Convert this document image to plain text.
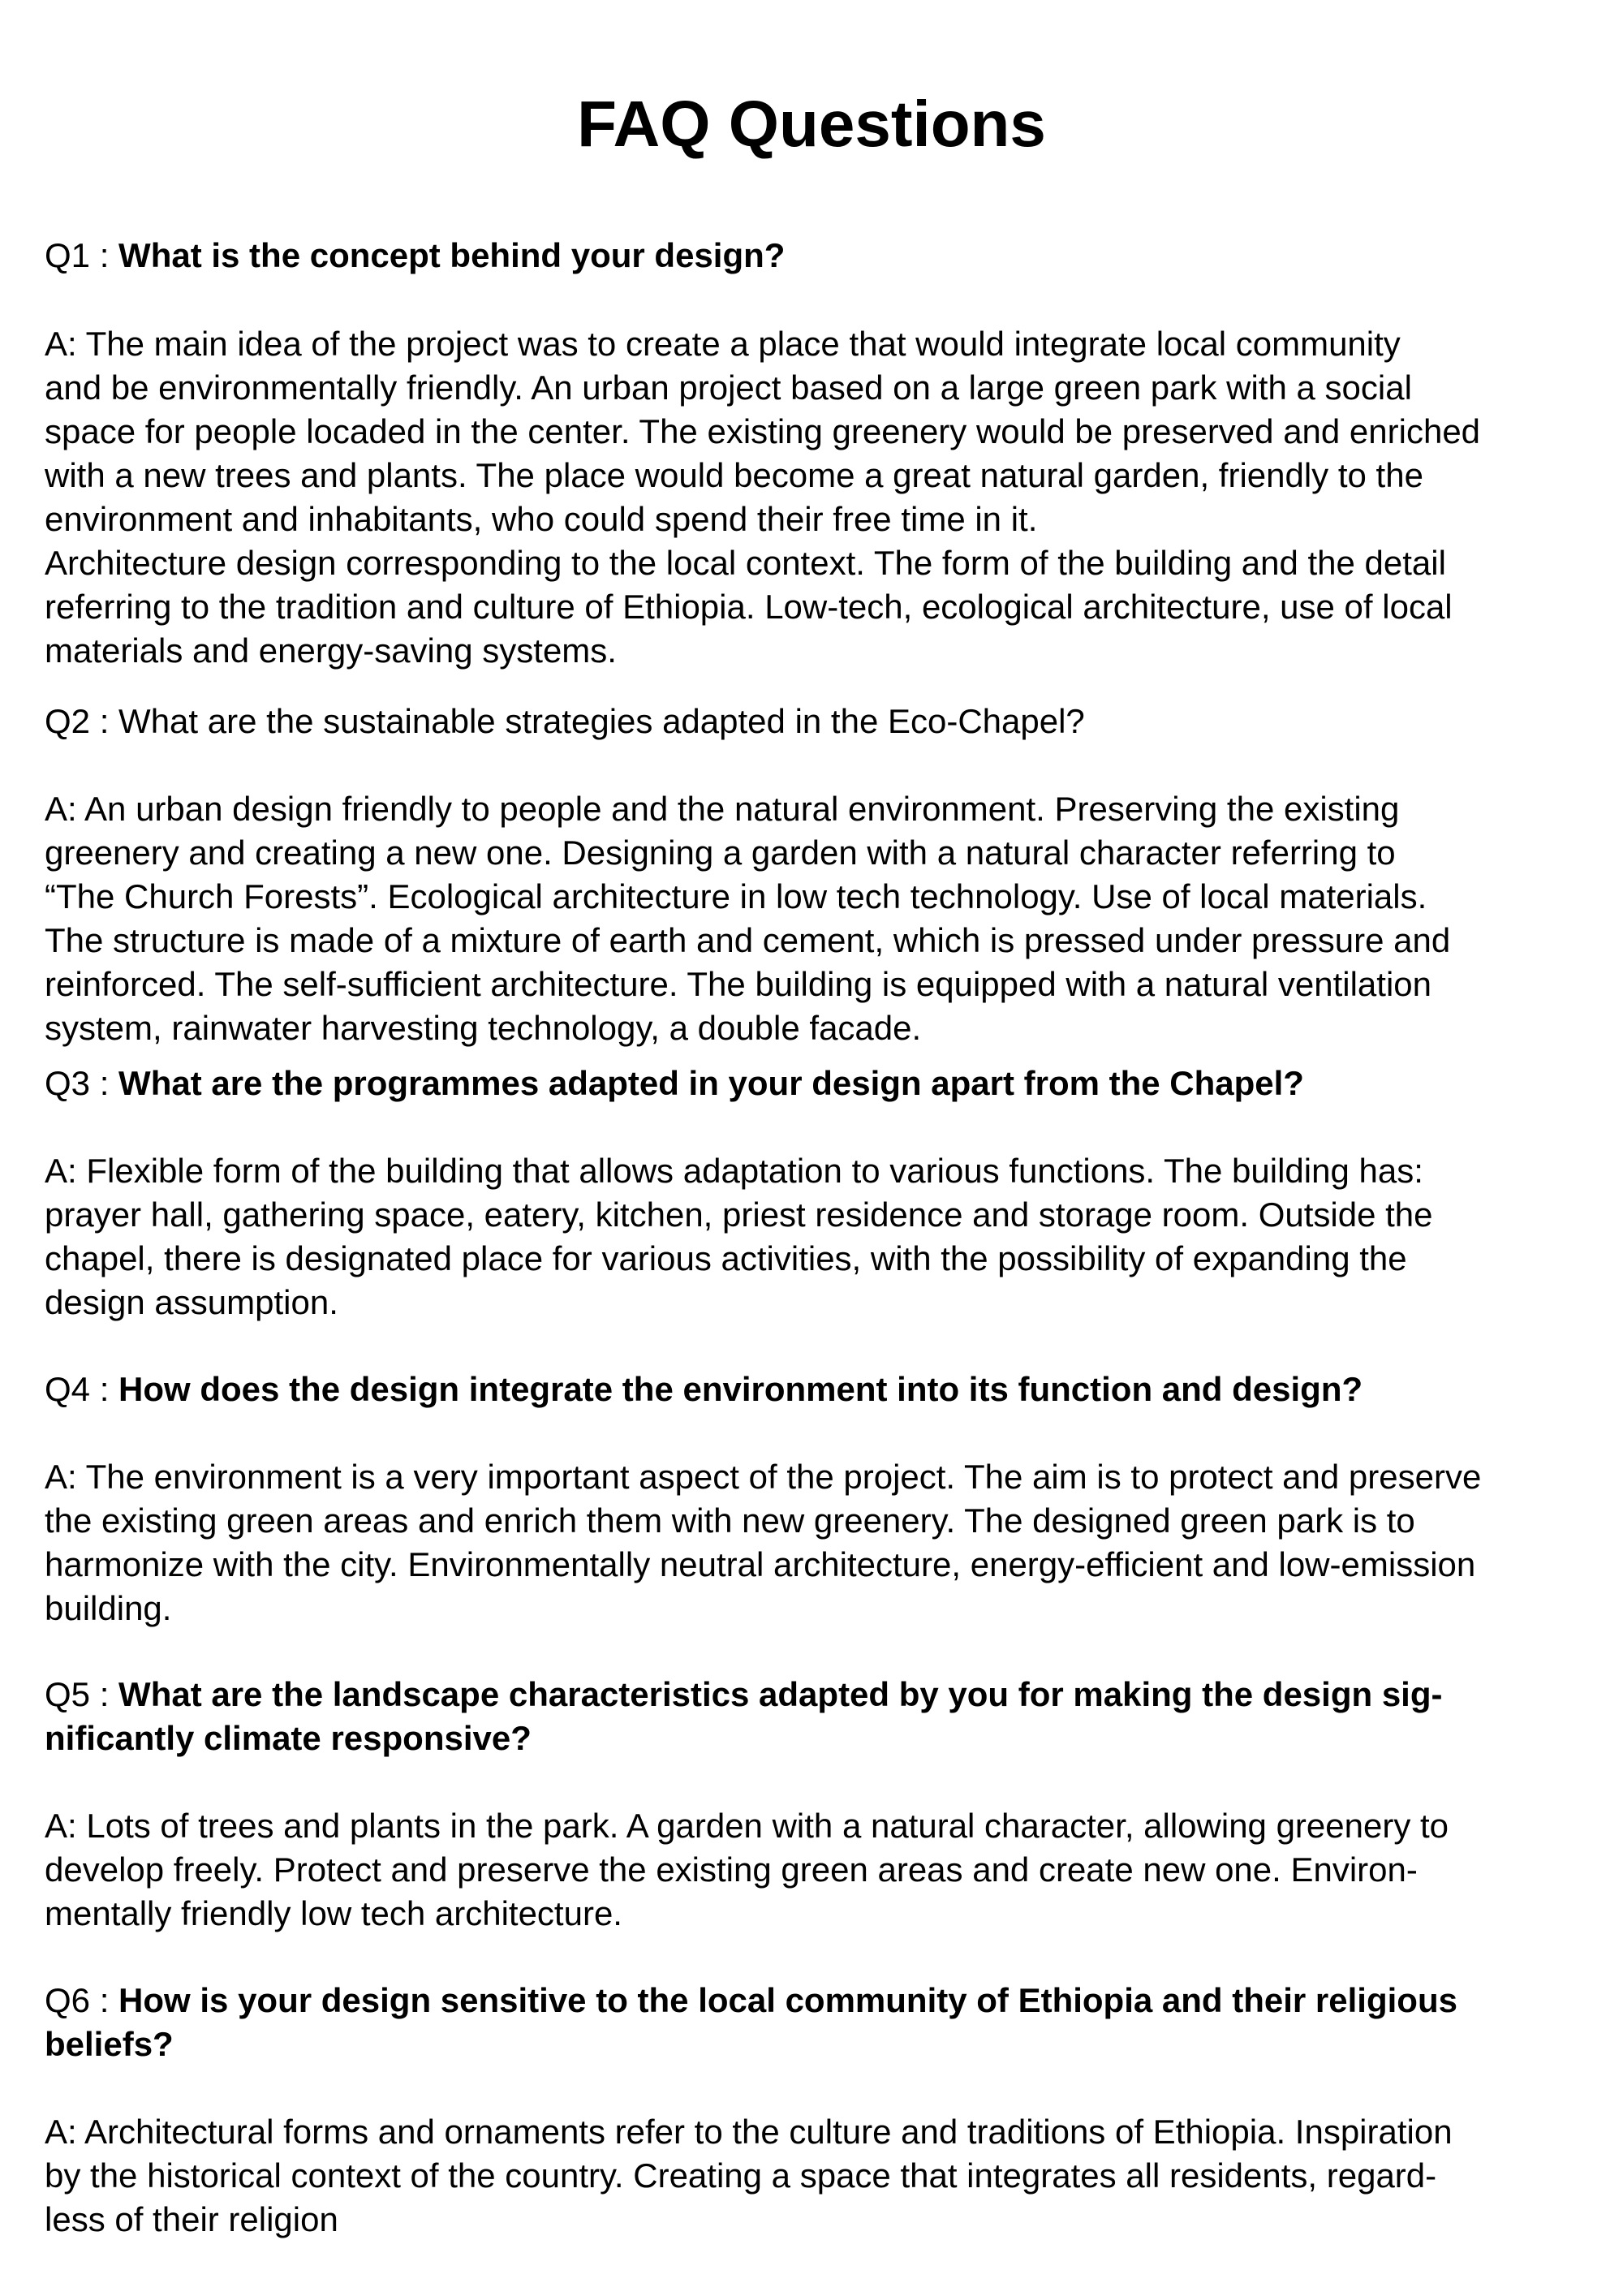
FAQ Questions

Q1 : What is the concept behind your design?

A: The main idea of the project was to create a place that would integrate local community
and be environmentally friendly. An urban project based on a large green park with a social
space for people locaded in the center. The existing greenery would be preserved and enriched
with a new trees and plants. The place would become a great natural garden, friendly to the
environment and inhabitants, who could spend their free time in it.
Architecture design corresponding to the local context. The form of the building and the detail
referring to the tradition and culture of Ethiopia. Low-tech, ecological architecture, use of local
materials and energy-saving systems.

Q2 : What are the sustainable strategies adapted in the Eco-Chapel?

A: An urban design friendly to people and the natural environment. Preserving the existing
greenery and creating a new one. Designing a garden with a natural character referring to
“The Church Forests”. Ecological architecture in low tech technology. Use of local materials.
The structure is made of a mixture of earth and cement, which is pressed under pressure and
reinforced. The self-sufficient architecture. The building is equipped with a natural ventilation
system, rainwater harvesting technology, a double facade.

Q3 : What are the programmes adapted in your design apart from the Chapel?

A: Flexible form of the building that allows adaptation to various functions. The building has:
prayer hall, gathering space, eatery, kitchen, priest residence and storage room. Outside the
chapel, there is designated place for various activities, with the possibility of expanding the
design assumption.

Q4 : How does the design integrate the environment into its function and design?

A: The environment is a very important aspect of the project. The aim is to protect and preserve
the existing green areas and enrich them with new greenery. The designed green park is to
harmonize with the city. Environmentally neutral architecture, energy-efficient and low-emission
building.

Q5 : What are the landscape characteristics adapted by you for making the design sig-
nificantly climate responsive?

A: Lots of trees and plants in the park. A garden with a natural character, allowing greenery to
develop freely. Protect and preserve the existing green areas and create new one. Environ-
mentally friendly low tech architecture.

Q6 : How is your design sensitive to the local community of Ethiopia and their religious
beliefs?

A: Architectural forms and ornaments refer to the culture and traditions of Ethiopia. Inspiration
by the historical context of the country. Creating a space that integrates all residents, regard-
less of their religion
